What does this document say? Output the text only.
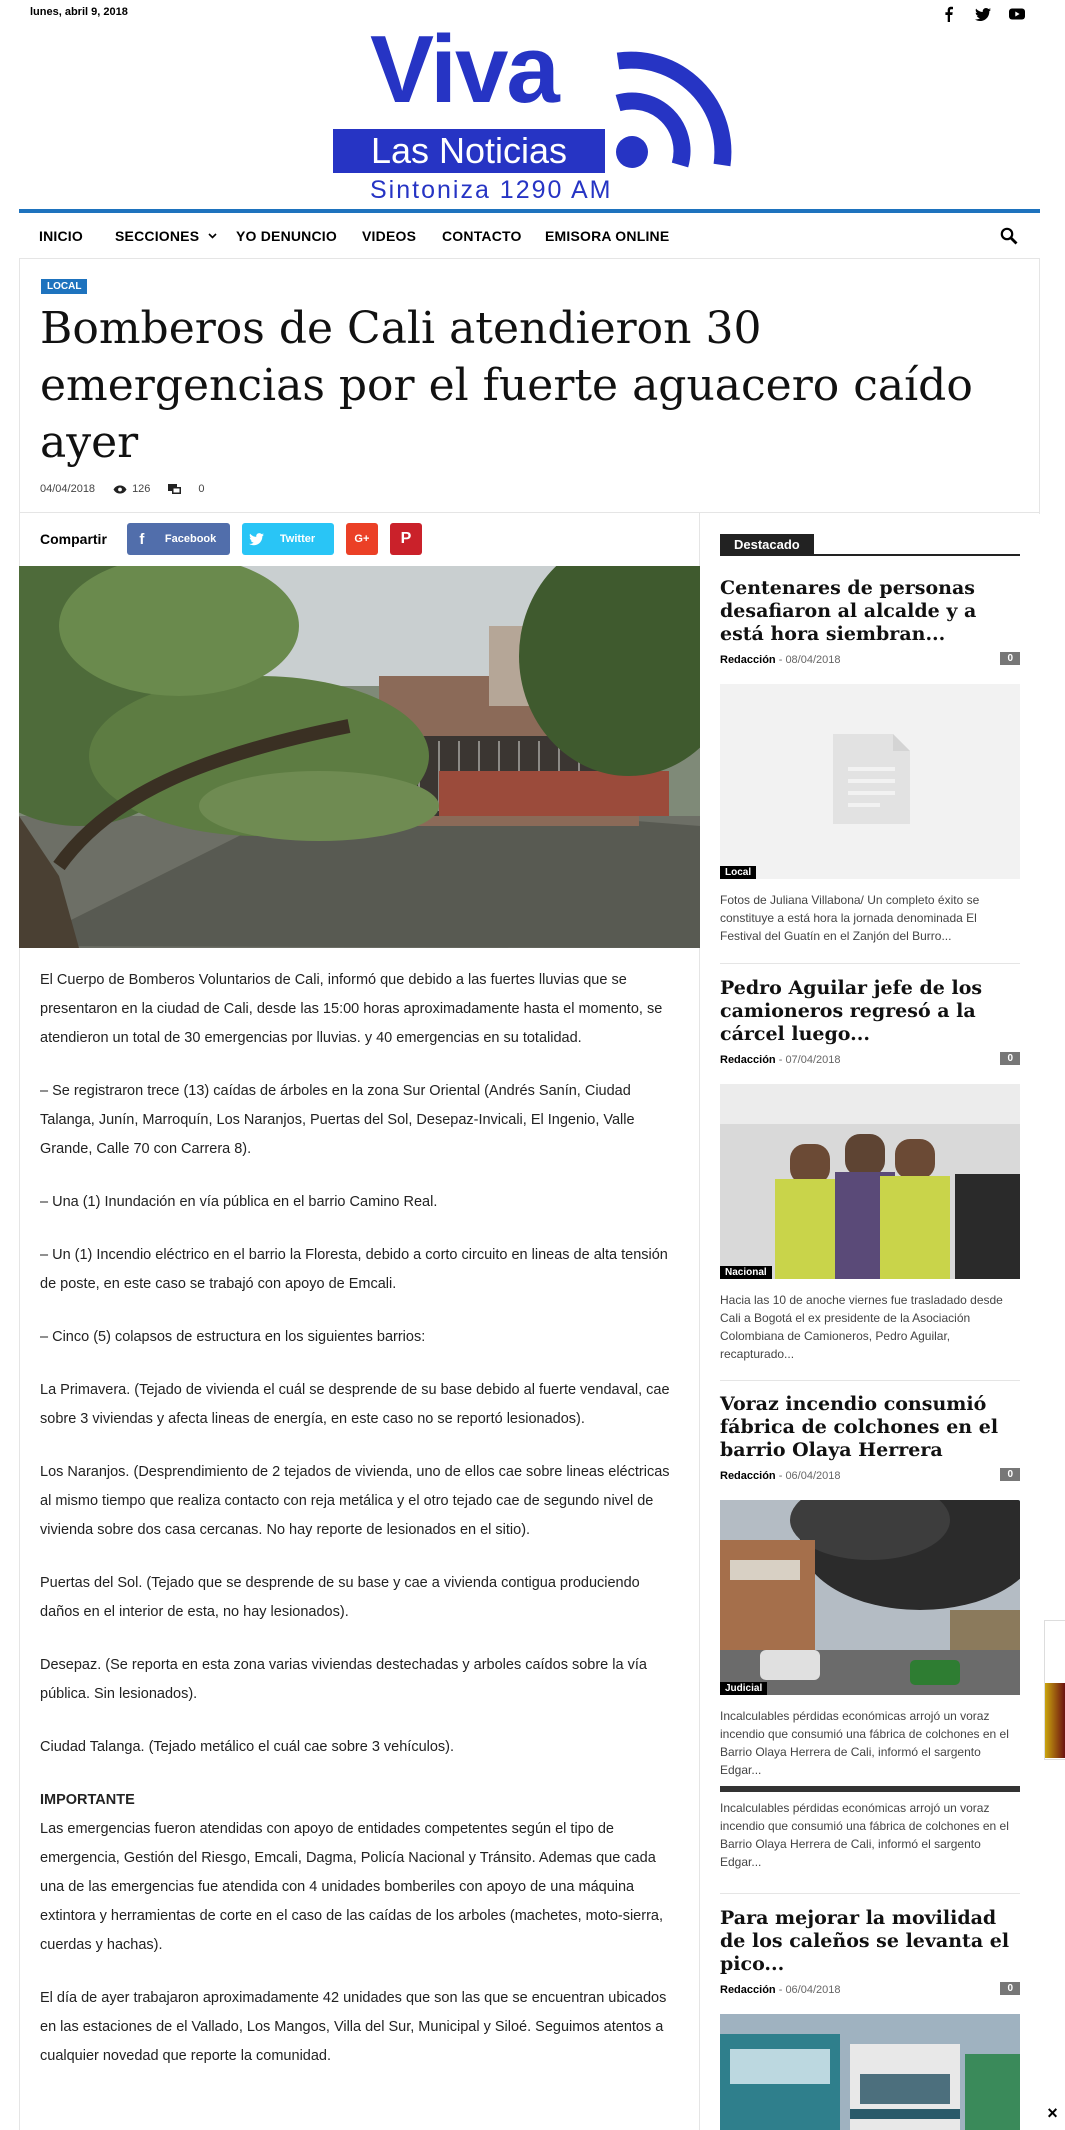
lunes, abril 9, 2018
Viva
Las Noticias
Sintoniza 1290 AM
INICIO SECCIONES	YO DENUNCIO VIDEOS CONTACTO EMISORA ONLINE
LOCAL
Bomberos de Cali atendieron 30 emergencias por el fuerte aguacero caído ayer
04/04/2018	126	0
Compartir	f	Facebook	Twitter	G+ P

El Cuerpo de Bomberos Voluntarios de Cali, informó que debido a las fuertes lluvias que se presentaron en la ciudad de Cali, desde las 15:00 horas aproximadamente hasta el momento, se atendieron un total de 30 emergencias por lluvias. y 40 emergencias en su totalidad.

– Se registraron trece (13) caídas de árboles en la zona Sur Oriental (Andrés Sanín, Ciudad Talanga, Junín, Marroquín, Los Naranjos, Puertas del Sol, Desepaz-Invicali, El Ingenio, Valle Grande, Calle 70 con Carrera 8).

– Una (1) Inundación en vía pública en el barrio Camino Real.

– Un (1) Incendio eléctrico en el barrio la Floresta, debido a corto circuito en lineas de alta tensión de poste, en este caso se trabajó con apoyo de Emcali.

– Cinco (5) colapsos de estructura en los siguientes barrios:

La Primavera. (Tejado de vivienda el cuál se desprende de su base debido al fuerte vendaval, cae sobre 3 viviendas y afecta lineas de energía, en este caso no se reportó lesionados).

Los Naranjos. (Desprendimiento de 2 tejados de vivienda, uno de ellos cae sobre lineas eléctricas al mismo tiempo que realiza contacto con reja metálica y el otro tejado cae de segundo nivel de vivienda sobre dos casa cercanas. No hay reporte de lesionados en el sitio).

Puertas del Sol. (Tejado que se desprende de su base y cae a vivienda contigua produciendo daños en el interior de esta, no hay lesionados).

Desepaz. (Se reporta en esta zona varias viviendas destechadas y arboles caídos sobre la vía pública. Sin lesionados).

Ciudad Talanga. (Tejado metálico el cuál cae sobre 3 vehículos).

IMPORTANTE

Las emergencias fueron atendidas con apoyo de entidades competentes según el tipo de emergencia, Gestión del Riesgo, Emcali, Dagma, Policía Nacional y Tránsito. Ademas que cada una de las emergencias fue atendida con 4 unidades bomberiles con apoyo de una máquina extintora y herramientas de corte en el caso de las caídas de los arboles (machetes, moto-sierra, cuerdas y hachas).

El día de ayer trabajaron aproximadamente 42 unidades que son las que se encuentran ubicados en las estaciones de el Vallado, Los Mangos, Villa del Sur, Municipal y Siloé. Seguimos atentos a cualquier novedad que reporte la comunidad.

Destacado
Centenares de personas desafiaron al alcalde y a está hora siembran...
Redacción - 08/04/2018	0
Local
Fotos de Juliana Villabona/ Un completo éxito se constituye a está hora la jornada denominada El Festival del Guatín en el Zanjón del Burro...
Pedro Aguilar jefe de los camioneros regresó a la cárcel luego...
Redacción - 07/04/2018	0
Nacional
Hacia las 10 de anoche viernes fue trasladado desde Cali a Bogotá el ex presidente de la Asociación Colombiana de Camioneros, Pedro Aguilar, recapturado...
Voraz incendio consumió fábrica de colchones en el barrio Olaya Herrera
Redacción - 06/04/2018	0
Judicial
Incalculables pérdidas económicas arrojó un voraz incendio que consumió una fábrica de colchones en el Barrio Olaya Herrera de Cali, informó el sargento Edgar...
Incalculables pérdidas económicas arrojó un voraz incendio que consumió una fábrica de colchones en el Barrio Olaya Herrera de Cali, informó el sargento Edgar...
Para mejorar la movilidad de los caleños se levanta el pico...
Redacción - 06/04/2018	0
×
